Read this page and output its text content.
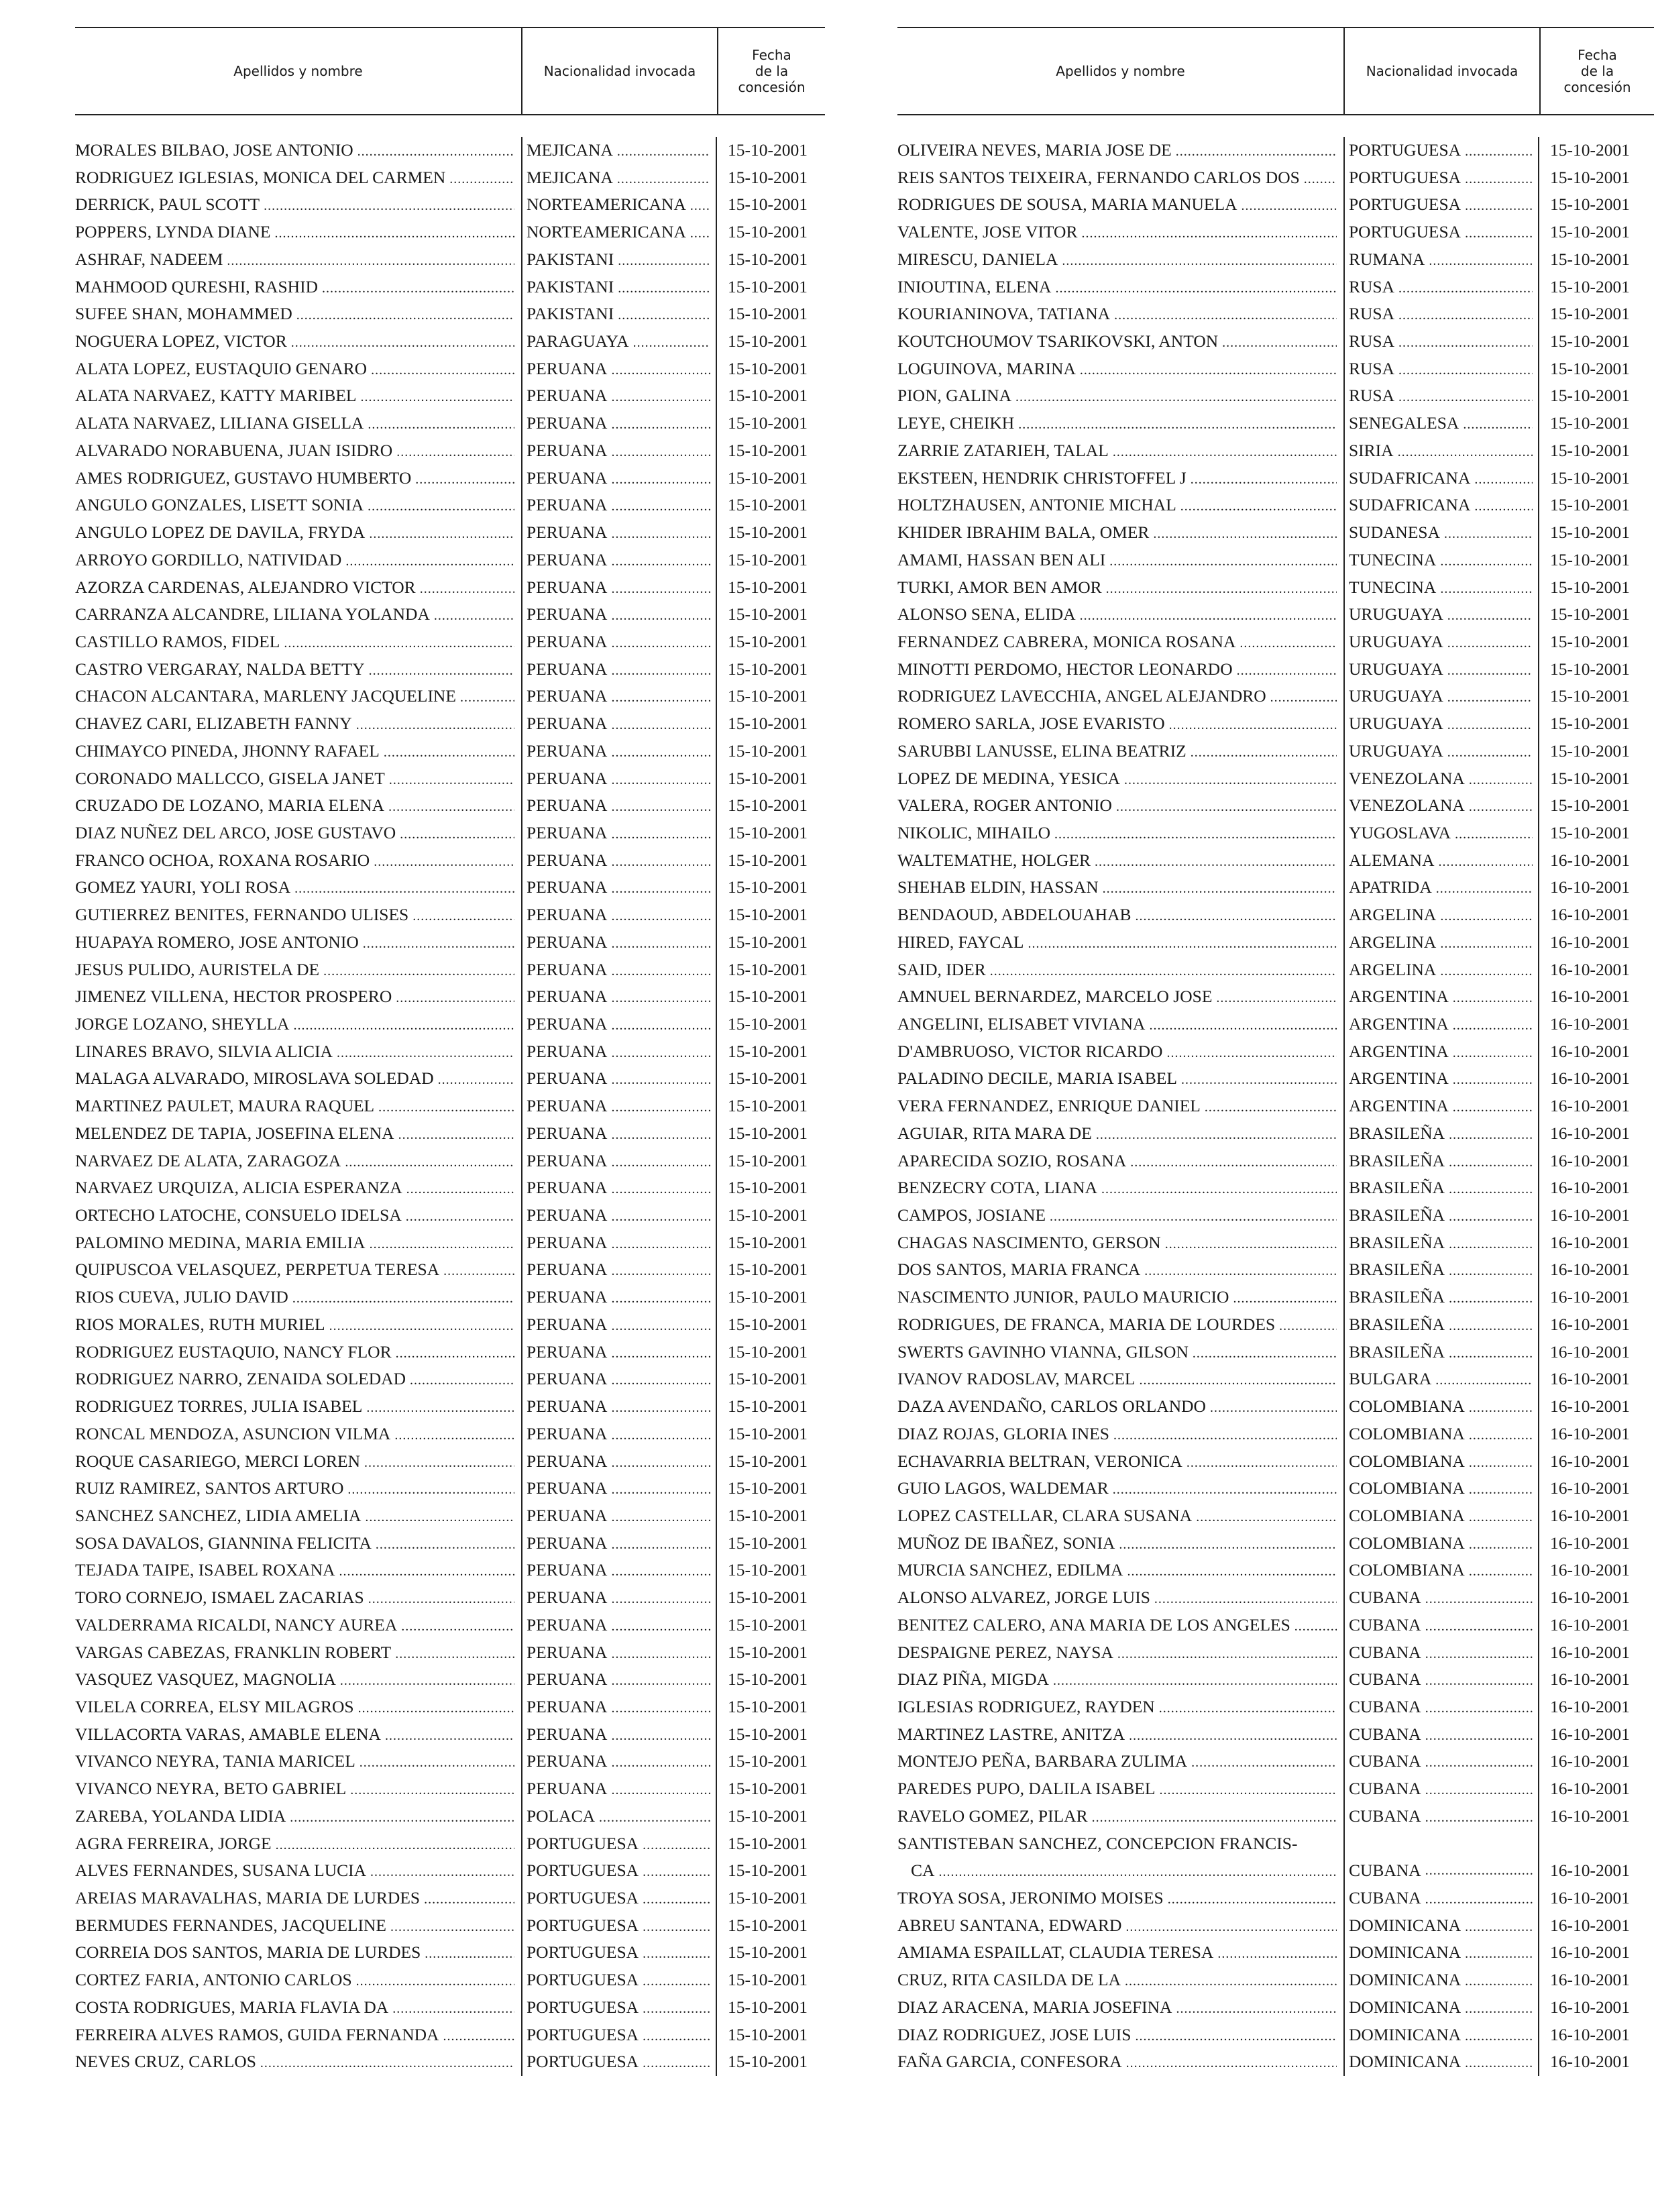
Apellidos y nombre	Nacionalidad invocada
Fecha
de la
concesión
MORALES BILBAO, JOSE ANTONIO
.....
RODRIGUEZ IGLESIAS, MONICA DEL CARMEN
.....
DERRICK, PAUL SCOTT
.....
POPPERS, LYNDA DIANE
.....
ASHRAF, NADEEM
.....
MAHMOOD QURESHI, RASHID
.....
SUFEE SHAN, MOHAMMED
.....
NOGUERA LOPEZ, VICTOR
.....
ALATA LOPEZ, EUSTAQUIO GENARO
.....
ALATA NARVAEZ, KATTY MARIBEL
.....
ALATA NARVAEZ, LILIANA GISELLA
.....
ALVARADO NORABUENA, JUAN ISIDRO
.....
AMES RODRIGUEZ, GUSTAVO HUMBERTO
.....
ANGULO GONZALES, LISETT SONIA
.....
ANGULO LOPEZ DE DAVILA, FRYDA
.....
ARROYO GORDILLO, NATIVIDAD
.....
AZORZA CARDENAS, ALEJANDRO VICTOR
.....
CARRANZA ALCANDRE, LILIANA YOLANDA
.....
CASTILLO RAMOS, FIDEL
.....
CASTRO VERGARAY, NALDA BETTY
.....
CHACON ALCANTARA, MARLENY JACQUELINE
.....
CHAVEZ CARI, ELIZABETH FANNY
.....
CHIMAYCO PINEDA, JHONNY RAFAEL
.....
CORONADO MALLCCO, GISELA JANET
.....
CRUZADO DE LOZANO, MARIA ELENA
.....
DIAZ NUÑEZ DEL ARCO, JOSE GUSTAVO
.....
FRANCO OCHOA, ROXANA ROSARIO
.....
GOMEZ YAURI, YOLI ROSA
.....
GUTIERREZ BENITES, FERNANDO ULISES
.....
HUAPAYA ROMERO, JOSE ANTONIO
.....
JESUS PULIDO, AURISTELA DE
.....
JIMENEZ VILLENA, HECTOR PROSPERO
.....
JORGE LOZANO, SHEYLLA
.....
LINARES BRAVO, SILVIA ALICIA
.....
MALAGA ALVARADO, MIROSLAVA SOLEDAD
.....
MARTINEZ PAULET, MAURA RAQUEL
.....
MELENDEZ DE TAPIA, JOSEFINA ELENA
.....
NARVAEZ DE ALATA, ZARAGOZA
.....
NARVAEZ URQUIZA, ALICIA ESPERANZA
.....
ORTECHO LATOCHE, CONSUELO IDELSA
.....
PALOMINO MEDINA, MARIA EMILIA
.....
QUIPUSCOA VELASQUEZ, PERPETUA TERESA
.....
RIOS CUEVA, JULIO DAVID
.....
RIOS MORALES, RUTH MURIEL
.....
RODRIGUEZ EUSTAQUIO, NANCY FLOR
.....
RODRIGUEZ NARRO, ZENAIDA SOLEDAD
.....
RODRIGUEZ TORRES, JULIA ISABEL
.....
RONCAL MENDOZA, ASUNCION VILMA
.....
ROQUE CASARIEGO, MERCI LOREN
.....
RUIZ RAMIREZ, SANTOS ARTURO
.....
SANCHEZ SANCHEZ, LIDIA AMELIA
.....
SOSA DAVALOS, GIANNINA FELICITA
.....
TEJADA TAIPE, ISABEL ROXANA
.....
TORO CORNEJO, ISMAEL ZACARIAS
.....
VALDERRAMA RICALDI, NANCY AUREA
.....
VARGAS CABEZAS, FRANKLIN ROBERT
.....
VASQUEZ VASQUEZ, MAGNOLIA
.....
VILELA CORREA, ELSY MILAGROS
.....
VILLACORTA VARAS, AMABLE ELENA
.....
VIVANCO NEYRA, TANIA MARICEL
.....
VIVANCO NEYRA, BETO GABRIEL
.....
ZAREBA, YOLANDA LIDIA
.....
AGRA FERREIRA, JORGE
.....
ALVES FERNANDES, SUSANA LUCIA
.....
AREIAS MARAVALHAS, MARIA DE LURDES
.....
BERMUDES FERNANDES, JACQUELINE
.....
CORREIA DOS SANTOS, MARIA DE LURDES
.....
CORTEZ FARIA, ANTONIO CARLOS
.....
COSTA RODRIGUES, MARIA FLAVIA DA
.....
FERREIRA ALVES RAMOS, GUIDA FERNANDA
.....
NEVES CRUZ, CARLOS
.....
MEJICANA
.....
MEJICANA
.....
NORTEAMERICANA
.....
NORTEAMERICANA
.....
PAKISTANI
.....
PAKISTANI
.....
PAKISTANI
.....
PARAGUAYA
.....
PERUANA
.....
PERUANA
.....
PERUANA
.....
PERUANA
.....
PERUANA
.....
PERUANA
.....
PERUANA
.....
PERUANA
.....
PERUANA
.....
PERUANA
.....
PERUANA
.....
PERUANA
.....
PERUANA
.....
PERUANA
.....
PERUANA
.....
PERUANA
.....
PERUANA
.....
PERUANA
.....
PERUANA
.....
PERUANA
.....
PERUANA
.....
PERUANA
.....
PERUANA
.....
PERUANA
.....
PERUANA
.....
PERUANA
.....
PERUANA
.....
PERUANA
.....
PERUANA
.....
PERUANA
.....
PERUANA
.....
PERUANA
.....
PERUANA
.....
PERUANA
.....
PERUANA
.....
PERUANA
.....
PERUANA
.....
PERUANA
.....
PERUANA
.....
PERUANA
.....
PERUANA
.....
PERUANA
.....
PERUANA
.....
PERUANA
.....
PERUANA
.....
PERUANA
.....
PERUANA
.....
PERUANA
.....
PERUANA
.....
PERUANA
.....
PERUANA
.....
PERUANA
.....
PERUANA
.....
POLACA
.....
PORTUGUESA
.....
PORTUGUESA
.....
PORTUGUESA
.....
PORTUGUESA
.....
PORTUGUESA
.....
PORTUGUESA
.....
PORTUGUESA
.....
PORTUGUESA
.....
PORTUGUESA
.....
15-10-2001
15-10-2001
15-10-2001
15-10-2001
15-10-2001
15-10-2001
15-10-2001
15-10-2001
15-10-2001
15-10-2001
15-10-2001
15-10-2001
15-10-2001
15-10-2001
15-10-2001
15-10-2001
15-10-2001
15-10-2001
15-10-2001
15-10-2001
15-10-2001
15-10-2001
15-10-2001
15-10-2001
15-10-2001
15-10-2001
15-10-2001
15-10-2001
15-10-2001
15-10-2001
15-10-2001
15-10-2001
15-10-2001
15-10-2001
15-10-2001
15-10-2001
15-10-2001
15-10-2001
15-10-2001
15-10-2001
15-10-2001
15-10-2001
15-10-2001
15-10-2001
15-10-2001
15-10-2001
15-10-2001
15-10-2001
15-10-2001
15-10-2001
15-10-2001
15-10-2001
15-10-2001
15-10-2001
15-10-2001
15-10-2001
15-10-2001
15-10-2001
15-10-2001
15-10-2001
15-10-2001
15-10-2001
15-10-2001
15-10-2001
15-10-2001
15-10-2001
15-10-2001
15-10-2001
15-10-2001
15-10-2001
15-10-2001
Apellidos y nombre	Nacionalidad invocada
Fecha
de la
concesión
OLIVEIRA NEVES, MARIA JOSE DE
.....
REIS SANTOS TEIXEIRA, FERNANDO CARLOS DOS
.....
RODRIGUES DE SOUSA, MARIA MANUELA
.....
VALENTE, JOSE VITOR
.....
MIRESCU, DANIELA
.....
INIOUTINA, ELENA
.....
KOURIANINOVA, TATIANA
.....
KOUTCHOUMOV TSARIKOVSKI, ANTON
.....
LOGUINOVA, MARINA
.....
PION, GALINA
.....
LEYE, CHEIKH
.....
ZARRIE ZATARIEH, TALAL
.....
EKSTEEN, HENDRIK CHRISTOFFEL J
.....
HOLTZHAUSEN, ANTONIE MICHAL
.....
KHIDER IBRAHIM BALA, OMER
.....
AMAMI, HASSAN BEN ALI
.....
TURKI, AMOR BEN AMOR
.....
ALONSO SENA, ELIDA
.....
FERNANDEZ CABRERA, MONICA ROSANA
.....
MINOTTI PERDOMO, HECTOR LEONARDO
.....
RODRIGUEZ LAVECCHIA, ANGEL ALEJANDRO
.....
ROMERO SARLA, JOSE EVARISTO
.....
SARUBBI LANUSSE, ELINA BEATRIZ
.....
LOPEZ DE MEDINA, YESICA
.....
VALERA, ROGER ANTONIO
.....
NIKOLIC, MIHAILO
.....
WALTEMATHE, HOLGER
.....
SHEHAB ELDIN, HASSAN
.....
BENDAOUD, ABDELOUAHAB
.....
HIRED, FAYCAL
.....
SAID, IDER
.....
AMNUEL BERNARDEZ, MARCELO JOSE
.....
ANGELINI, ELISABET VIVIANA
.....
D'AMBRUOSO, VICTOR RICARDO
.....
PALADINO DECILE, MARIA ISABEL
.....
VERA FERNANDEZ, ENRIQUE DANIEL
.....
AGUIAR, RITA MARA DE
.....
APARECIDA SOZIO, ROSANA
.....
BENZECRY COTA, LIANA
.....
CAMPOS, JOSIANE
.....
CHAGAS NASCIMENTO, GERSON
.....
DOS SANTOS, MARIA FRANCA
.....
NASCIMENTO JUNIOR, PAULO MAURICIO
.....
RODRIGUES, DE FRANCA, MARIA DE LOURDES
.....
SWERTS GAVINHO VIANNA, GILSON
.....
IVANOV RADOSLAV, MARCEL
.....
DAZA AVENDAÑO, CARLOS ORLANDO
.....
DIAZ ROJAS, GLORIA INES
.....
ECHAVARRIA BELTRAN, VERONICA
.....
GUIO LAGOS, WALDEMAR
.....
LOPEZ CASTELLAR, CLARA SUSANA
.....
MUÑOZ DE IBAÑEZ, SONIA
.....
MURCIA SANCHEZ, EDILMA
.....
ALONSO ALVAREZ, JORGE LUIS
.....
BENITEZ CALERO, ANA MARIA DE LOS ANGELES
.....
DESPAIGNE PEREZ, NAYSA
.....
DIAZ PIÑA, MIGDA
.....
IGLESIAS RODRIGUEZ, RAYDEN
.....
MARTINEZ LASTRE, ANITZA
.....
MONTEJO PEÑA, BARBARA ZULIMA
.....
PAREDES PUPO, DALILA ISABEL
.....
RAVELO GOMEZ, PILAR
.....
SANTISTEBAN SANCHEZ, CONCEPCION FRANCIS-
CA
.....
TROYA SOSA, JERONIMO MOISES
.....
ABREU SANTANA, EDWARD
.....
AMIAMA ESPAILLAT, CLAUDIA TERESA
.....
CRUZ, RITA CASILDA DE LA
.....
DIAZ ARACENA, MARIA JOSEFINA
.....
DIAZ RODRIGUEZ, JOSE LUIS
.....
FAÑA GARCIA, CONFESORA
.....
PORTUGUESA
.....
PORTUGUESA
.....
PORTUGUESA
.....
PORTUGUESA
.....
RUMANA
.....
RUSA
.....
RUSA
.....
RUSA
.....
RUSA
.....
RUSA
.....
SENEGALESA
.....
SIRIA
.....
SUDAFRICANA
.....
SUDAFRICANA
.....
SUDANESA
.....
TUNECINA
.....
TUNECINA
.....
URUGUAYA
.....
URUGUAYA
.....
URUGUAYA
.....
URUGUAYA
.....
URUGUAYA
.....
URUGUAYA
.....
VENEZOLANA
.....
VENEZOLANA
.....
YUGOSLAVA
.....
ALEMANA
.....
APATRIDA
.....
ARGELINA
.....
ARGELINA
.....
ARGELINA
.....
ARGENTINA
.....
ARGENTINA
.....
ARGENTINA
.....
ARGENTINA
.....
ARGENTINA
.....
BRASILEÑA
.....
BRASILEÑA
.....
BRASILEÑA
.....
BRASILEÑA
.....
BRASILEÑA
.....
BRASILEÑA
.....
BRASILEÑA
.....
BRASILEÑA
.....
BRASILEÑA
.....
BULGARA
.....
COLOMBIANA
.....
COLOMBIANA
.....
COLOMBIANA
.....
COLOMBIANA
.....
COLOMBIANA
.....
COLOMBIANA
.....
COLOMBIANA
.....
CUBANA
.....
CUBANA
.....
CUBANA
.....
CUBANA
.....
CUBANA
.....
CUBANA
.....
CUBANA
.....
CUBANA
.....
CUBANA
.....
CUBANA
.....
CUBANA
.....
DOMINICANA
.....
DOMINICANA
.....
DOMINICANA
.....
DOMINICANA
.....
DOMINICANA
.....
DOMINICANA
.....
15-10-2001
15-10-2001
15-10-2001
15-10-2001
15-10-2001
15-10-2001
15-10-2001
15-10-2001
15-10-2001
15-10-2001
15-10-2001
15-10-2001
15-10-2001
15-10-2001
15-10-2001
15-10-2001
15-10-2001
15-10-2001
15-10-2001
15-10-2001
15-10-2001
15-10-2001
15-10-2001
15-10-2001
15-10-2001
15-10-2001
16-10-2001
16-10-2001
16-10-2001
16-10-2001
16-10-2001
16-10-2001
16-10-2001
16-10-2001
16-10-2001
16-10-2001
16-10-2001
16-10-2001
16-10-2001
16-10-2001
16-10-2001
16-10-2001
16-10-2001
16-10-2001
16-10-2001
16-10-2001
16-10-2001
16-10-2001
16-10-2001
16-10-2001
16-10-2001
16-10-2001
16-10-2001
16-10-2001
16-10-2001
16-10-2001
16-10-2001
16-10-2001
16-10-2001
16-10-2001
16-10-2001
16-10-2001
16-10-2001
16-10-2001
16-10-2001
16-10-2001
16-10-2001
16-10-2001
16-10-2001
16-10-2001
